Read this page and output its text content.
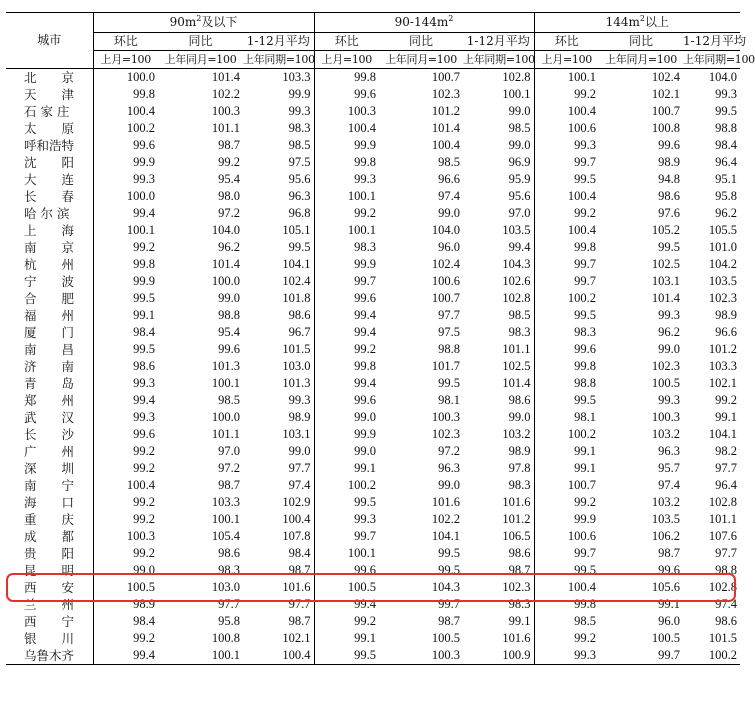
城市	$90m^2$及以下			$90-144m^2$			$144m^2$以上		
	环比	同比	1-12月平均	环比	同比	1-12月平均	环比	同比	1-12月平均
	上月=100	上年同月=100	上年同期=100	上月=100	上年同月=100	上年同期=100	上月=100	上年同月=100	上年同期=100
北　　京	100.0	101.4	103.3	99.8	100.7	102.8	100.1	102.4	104.0
天　　津	99.8	102.2	99.9	99.6	102.3	100.1	99.2	102.1	99.3
石 家 庄	100.4	100.3	99.3	100.3	101.2	99.0	100.4	100.7	99.5
太　　原	100.2	101.1	98.3	100.4	101.4	98.5	100.6	100.8	98.8
呼和浩特	99.6	98.7	98.5	99.9	100.4	99.0	99.3	99.6	98.4
沈　　阳	99.9	99.2	97.5	99.8	98.5	96.9	99.7	98.9	96.4
大　　连	99.3	95.4	95.6	99.3	96.6	95.9	99.5	94.8	95.1
长　　春	100.0	98.0	96.3	100.1	97.4	95.6	100.4	98.6	95.8
哈 尔 滨	99.4	97.2	96.8	99.2	99.0	97.0	99.2	97.6	96.2
上　　海	100.1	104.0	105.1	100.1	104.0	103.5	100.4	105.2	105.5
南　　京	99.2	96.2	99.5	98.3	96.0	99.4	99.8	99.5	101.0
杭　　州	99.8	101.4	104.1	99.9	102.4	104.3	99.7	102.5	104.2
宁　　波	99.9	100.0	102.4	99.7	100.6	102.6	99.7	103.1	103.5
合　　肥	99.5	99.0	101.8	99.6	100.7	102.8	100.2	101.4	102.3
福　　州	99.1	98.8	98.6	99.4	97.7	98.5	99.5	99.3	98.9
厦　　门	98.4	95.4	96.7	99.4	97.5	98.3	98.3	96.2	96.6
南　　昌	99.5	99.6	101.5	99.2	98.8	101.1	99.6	99.0	101.2
济　　南	98.6	101.3	103.0	99.8	101.7	102.5	99.8	102.3	103.3
青　　岛	99.3	100.1	101.3	99.4	99.5	101.4	98.8	100.5	102.1
郑　　州	99.4	98.5	99.3	99.6	98.1	98.6	99.5	99.3	99.2
武　　汉	99.3	100.0	98.9	99.0	100.3	99.0	98.1	100.3	99.1
长　　沙	99.6	101.1	103.1	99.9	102.3	103.2	100.2	103.2	104.1
广　　州	99.2	97.0	99.0	99.0	97.2	98.9	99.1	96.3	98.2
深　　圳	99.2	97.2	97.7	99.1	96.3	97.8	99.1	95.7	97.7
南　　宁	100.4	98.7	97.4	100.2	99.0	98.3	100.7	97.4	96.4
海　　口	99.2	103.3	102.9	99.5	101.6	101.6	99.2	103.2	102.8
重　　庆	99.2	100.1	100.4	99.3	102.2	101.2	99.9	103.5	101.1
成　　都	100.3	105.4	107.8	99.7	104.1	106.5	100.6	106.2	107.6
贵　　阳	99.2	98.6	98.4	100.1	99.5	98.6	99.7	98.7	97.7
昆　　明	99.0	98.3	98.7	99.6	99.5	98.7	99.5	99.6	98.8
西　　安	100.5	103.0	101.6	100.5	104.3	102.3	100.4	105.6	102.8
兰　　州	98.9	97.7	97.7	99.4	99.7	98.3	99.8	99.1	97.4
西　　宁	98.4	95.8	98.7	99.2	98.7	99.1	98.5	96.0	98.6
银　　川	99.2	100.8	102.1	99.1	100.5	101.6	99.2	100.5	101.5
乌鲁木齐	99.4	100.1	100.4	99.5	100.3	100.9	99.3	99.7	100.2
